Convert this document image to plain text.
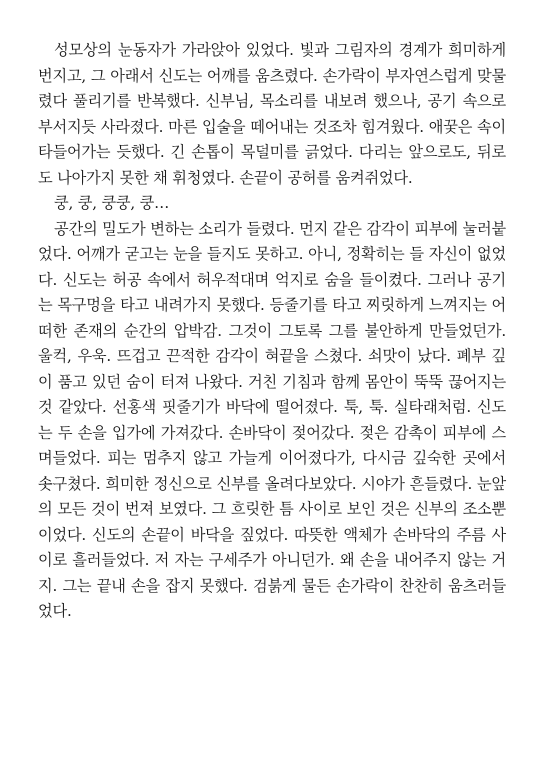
성모상의 눈동자가 가라앉아 있었다. 빛과 그림자의 경계가 희미하게 번지고, 그 아래서 신도는 어깨를 움츠렸다. 손가락이 부자연스럽게 맞물렸다 풀리기를 반복했다. 신부님, 목소리를 내보려 했으나, 공기 속으로 부서지듯 사라졌다. 마른 입술을 떼어내는 것조차 힘겨웠다. 애꿎은 속이 타들어가는 듯했다. 긴 손톱이 목덜미를 긁었다. 다리는 앞으로도, 뒤로도 나아가지 못한 채 휘청였다. 손끝이 공허를 움켜쥐었다.

쿵, 쿵, 쿵쿵, 쿵…

공간의 밀도가 변하는 소리가 들렸다. 먼지 같은 감각이 피부에 눌러붙었다. 어깨가 굳고는 눈을 들지도 못하고. 아니, 정확히는 들 자신이 없었다. 신도는 허공 속에서 허우적대며 억지로 숨을 들이켰다. 그러나 공기는 목구멍을 타고 내려가지 못했다. 등줄기를 타고 찌릿하게 느껴지는 어떠한 존재의 순간의 압박감. 그것이 그토록 그를 불안하게 만들었던가. 울컥, 우욱. 뜨겁고 끈적한 감각이 혀끝을 스쳤다. 쇠맛이 났다. 폐부 깊이 품고 있던 숨이 터져 나왔다. 거친 기침과 함께 몸안이 뚝뚝 끊어지는 것 같았다. 선홍색 핏줄기가 바닥에 떨어졌다. 툭, 툭. 실타래처럼. 신도는 두 손을 입가에 가져갔다. 손바닥이 젖어갔다. 젖은 감촉이 피부에 스며들었다. 피는 멈추지 않고 가늘게 이어졌다가, 다시금 깊숙한 곳에서 솟구쳤다. 희미한 정신으로 신부를 올려다보았다. 시야가 흔들렸다. 눈앞의 모든 것이 번져 보였다. 그 흐릿한 틈 사이로 보인 것은 신부의 조소뿐이었다. 신도의 손끝이 바닥을 짚었다. 따뜻한 액체가 손바닥의 주름 사이로 흘러들었다. 저 자는 구세주가 아니던가. 왜 손을 내어주지 않는 거지. 그는 끝내 손을 잡지 못했다. 검붉게 물든 손가락이 찬찬히 움츠러들었다.
